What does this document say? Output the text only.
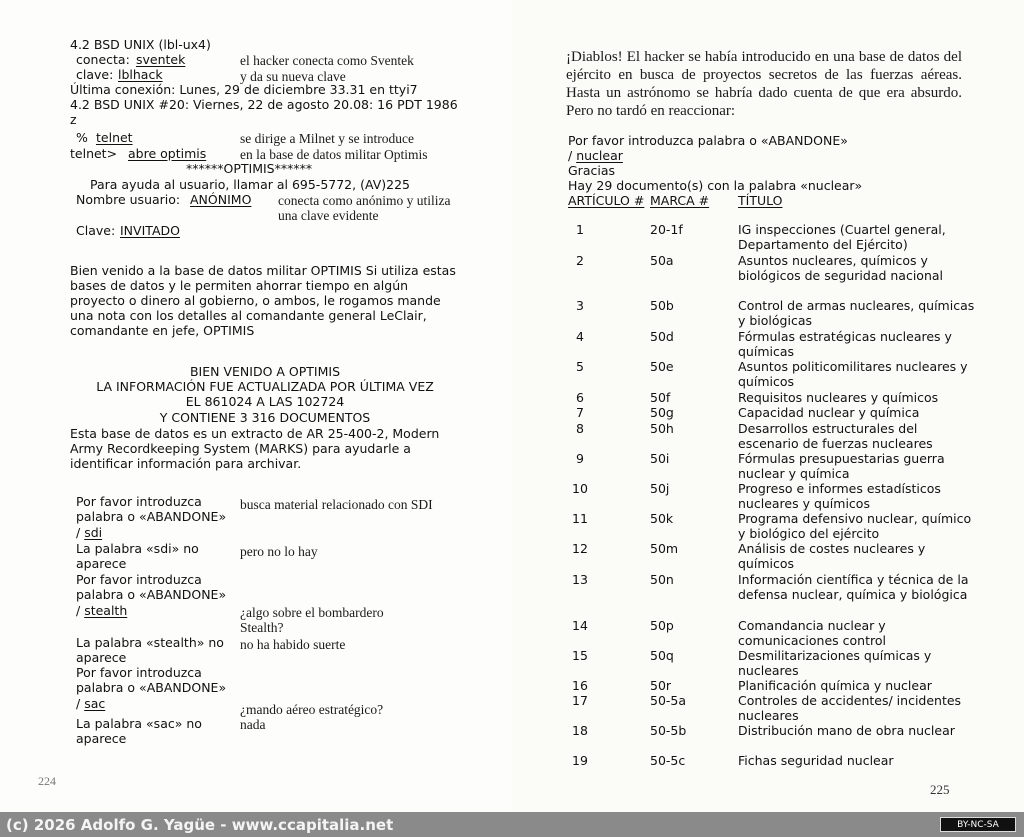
4.2 BSD UNIX (lbl-ux4)
conecta: sventek
clave: lblhack
Última conexión: Lunes, 29 de diciembre 33.31 en ttyi7
4.2 BSD UNIX #20: Viernes, 22 de agosto 20.08: 16 PDT 1986
z
% telnet
telnet> abre optimis
******OPTIMIS******
Para ayuda al usuario, llamar al 695-5772, (AV)225
Nombre usuario: ANÓNIMO
Clave: INVITADO
Bien venido a la base de datos militar OPTIMIS Si utiliza estas bases de datos y le permiten ahorrar tiempo en algún proyecto o dinero al gobierno, o ambos, le rogamos mande una nota con los detalles al comandante general LeClair, comandante en jefe, OPTIMIS
BIEN VENIDO A OPTIMIS
LA INFORMACIÓN FUE ACTUALIZADA POR ÚLTIMA VEZ
EL 861024 A LAS 102724
Y CONTIENE 3 316 DOCUMENTOS
Esta base de datos es un extracto de AR 25-400-2, Modern Army Recordkeeping System (MARKS) para ayudarle a identificar información para archivar.
Por favor introduzca palabra o «ABANDONE»
/ sdi
La palabra «sdi» no aparece
Por favor introduzca palabra o «ABANDONE»
/ stealth
La palabra «stealth» no aparece
Por favor introduzca palabra o «ABANDONE»
/ sac
La palabra «sac» no aparece
el hacker conecta como Sventek
y da su nueva clave
se dirige a Milnet y se introduce
en la base de datos militar Optimis
conecta como anónimo y utiliza una clave evidente
busca material relacionado con SDI
pero no lo hay
¿algo sobre el bombardero Stealth?
no ha habido suerte
¿mando aéreo estratégico?
nada
224
¡Diablos! El hacker se había introducido en una base de datos del ejército en busca de proyectos secretos de las fuerzas aéreas. Hasta un astrónomo se habría dado cuenta de que era absurdo. Pero no tardó en reaccionar:
Por favor introduzca palabra o «ABANDONE»
/ nuclear
Gracias
Hay 29 documento(s) con la palabra «nuclear»
ARTÍCULO # MARCA # TÍTULO
1	20-1f	IG inspecciones (Cuartel general, Departamento del Ejército)
2	50a	Asuntos nucleares, químicos y biológicos de seguridad nacional
3	50b	Control de armas nucleares, químicas y biológicas
4	50d	Fórmulas estratégicas nucleares y químicas
5	50e	Asuntos politicomilitares nucleares y químicos
6	50f	Requisitos nucleares y químicos
7	50g	Capacidad nuclear y química
8	50h	Desarrollos estructurales del escenario de fuerzas nucleares
9	50i	Fórmulas presupuestarias guerra nuclear y química
10	50j	Progreso e informes estadísticos nucleares y químicos
11	50k	Programa defensivo nuclear, químico y biológico del ejército
12	50m	Análisis de costes nucleares y químicos
13	50n	Información científica y técnica de la defensa nuclear, química y biológica
14	50p	Comandancia nuclear y comunicaciones control
15	50q	Desmilitarizaciones químicas y nucleares
16	50r	Planificación química y nuclear
17	50-5a	Controles de accidentes/ incidentes nucleares
18	50-5b	Distribución mano de obra nuclear
19	50-5c	Fichas seguridad nuclear
225
(c) 2026 Adolfo G. Yagüe - www.ccapitalia.net	BY-NC-SA
